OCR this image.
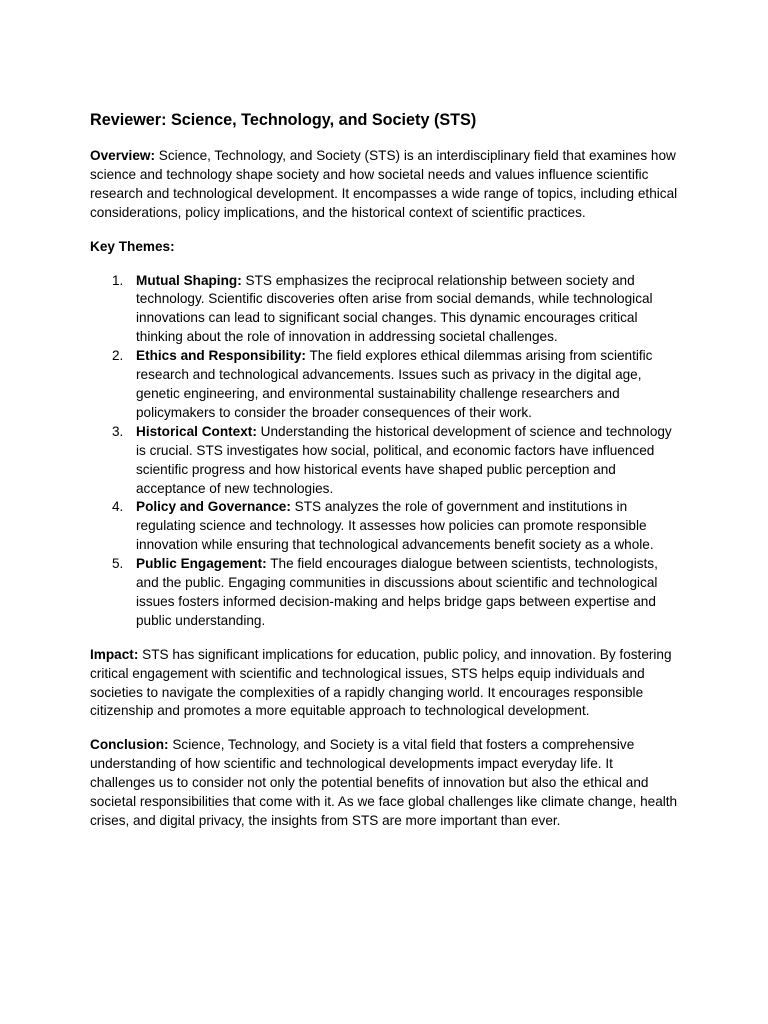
Reviewer: Science, Technology, and Society (STS)

Overview: Science, Technology, and Society (STS) is an interdisciplinary field that examines how science and technology shape society and how societal needs and values influence scientific research and technological development. It encompasses a wide range of topics, including ethical considerations, policy implications, and the historical context of scientific practices.

Key Themes:

1. Mutual Shaping: STS emphasizes the reciprocal relationship between society and technology. Scientific discoveries often arise from social demands, while technological innovations can lead to significant social changes. This dynamic encourages critical thinking about the role of innovation in addressing societal challenges.
2. Ethics and Responsibility: The field explores ethical dilemmas arising from scientific research and technological advancements. Issues such as privacy in the digital age, genetic engineering, and environmental sustainability challenge researchers and policymakers to consider the broader consequences of their work.
3. Historical Context: Understanding the historical development of science and technology is crucial. STS investigates how social, political, and economic factors have influenced scientific progress and how historical events have shaped public perception and acceptance of new technologies.
4. Policy and Governance: STS analyzes the role of government and institutions in regulating science and technology. It assesses how policies can promote responsible innovation while ensuring that technological advancements benefit society as a whole.
5. Public Engagement: The field encourages dialogue between scientists, technologists, and the public. Engaging communities in discussions about scientific and technological issues fosters informed decision-making and helps bridge gaps between expertise and public understanding.

Impact: STS has significant implications for education, public policy, and innovation. By fostering critical engagement with scientific and technological issues, STS helps equip individuals and societies to navigate the complexities of a rapidly changing world. It encourages responsible citizenship and promotes a more equitable approach to technological development.

Conclusion: Science, Technology, and Society is a vital field that fosters a comprehensive understanding of how scientific and technological developments impact everyday life. It challenges us to consider not only the potential benefits of innovation but also the ethical and societal responsibilities that come with it. As we face global challenges like climate change, health crises, and digital privacy, the insights from STS are more important than ever.
